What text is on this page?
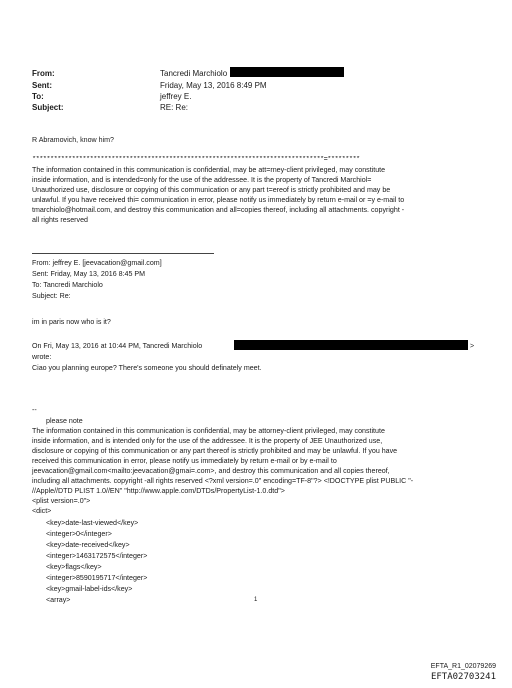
From:	Tancredi Marchiolo
Sent:	Friday, May 13, 2016 8:49 PM
To:	jeffrey E.
Subject:	RE: Re:
R Abramovich, know him?
*********************************************************************************=*********
The information contained in this communication is confidential, may be att=rney-client privileged, may constitute
inside information, and is intended=only for the use of the addressee. It is the property of Tancredi Marchiol=
Unauthorized use, disclosure or copying of this communication or any part t=ereof is strictly prohibited and may be
unlawful. If you have received thi= communication in error, please notify us immediately by return e-mail or =y e-mail to
tmarchiolo@hotmail.com, and destroy this communication and all=copies thereof, including all attachments. copyright -
all rights reserved
From: jeffrey E. [jeevacation@gmail.com]
Sent: Friday, May 13, 2016 8:45 PM
To: Tancredi Marchiolo
Subject: Re:
im in paris now who is it?
On Fri, May 13, 2016 at 10:44 PM, Tancredi Marchiolo	>
wrote:
Ciao you planning europe? There's someone you should definately meet.
--
please note
The information contained in this communication is confidential, may be attorney-client privileged, may constitute
inside information, and is intended only for the use of the addressee. It is the property of JEE Unauthorized use,
disclosure or copying of this communication or any part thereof is strictly prohibited and may be unlawful. If you have
received this communication in error, please notify us immediately by return e-mail or by e-mail to
jeevacation@gmail.com<mailto:jeevacation@gmai=.com>, and destroy this communication and all copies thereof,
including all attachments. copyright -all rights reserved <?xml version=.0" encoding=TF-8"?> <!DOCTYPE plist PUBLIC "-
//Apple//DTD PLIST 1.0//EN" "http://www.apple.com/DTDs/PropertyList-1.0.dtd">
<plist version=.0">
<dict>
<key>date-last-viewed</key>
<integer>0</integer>
<key>date-received</key>
<integer>1463172575</integer>
<key>flags</key>
<integer>8590195717</integer>
<key>gmail-label-ids</key>
<array>	1
EFTA_R1_02079269
EFTA02703241
